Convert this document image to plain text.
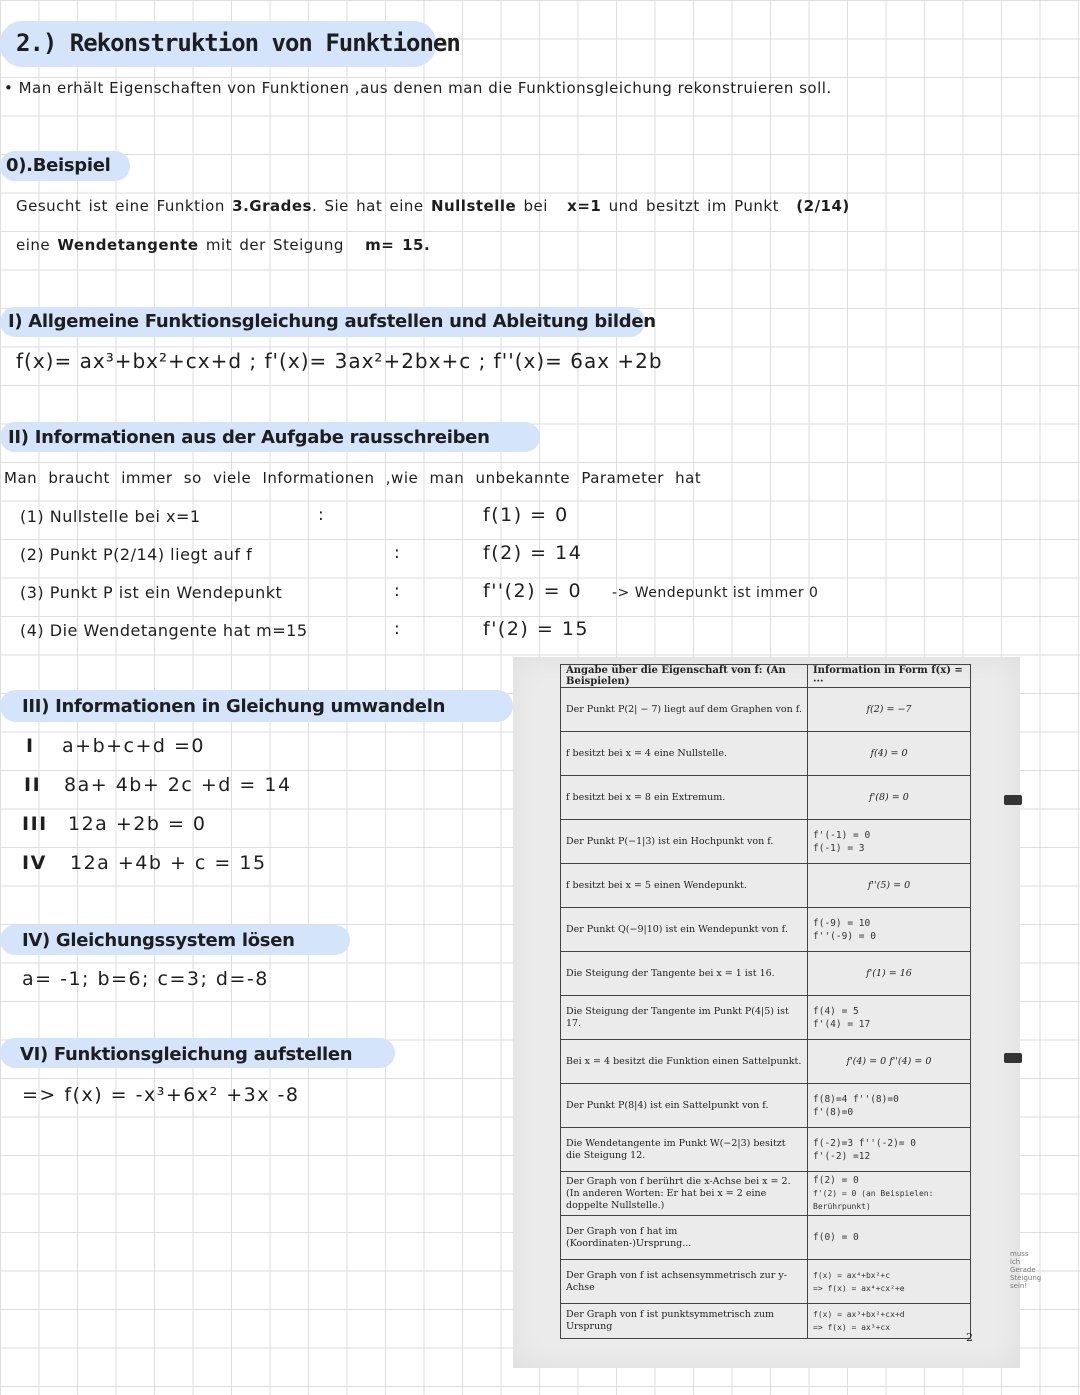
2.) Rekonstruktion von Funktionen
• Man erhält Eigenschaften von Funktionen ,aus denen man die Funktionsgleichung rekonstruieren soll.
0).Beispiel
Gesucht ist eine Funktion 3.Grades. Sie hat eine Nullstelle bei x=1 und besitzt im Punkt (2/14)
eine Wendetangente mit der Steigung m= 15.
I) Allgemeine Funktionsgleichung aufstellen und Ableitung bilden
f(x)= ax³+bx²+cx+d ; f'(x)= 3ax²+2bx+c ; f''(x)= 6ax +2b
II) Informationen aus der Aufgabe rausschreiben
Man braucht immer so viele Informationen ,wie man unbekannte Parameter hat
(1) Nullstelle bei x=1	:	f(1) = 0
(2) Punkt P(2/14) liegt auf f	:	f(2) = 14
(3) Punkt P ist ein Wendepunkt	:	f''(2) = 0 -> Wendepunkt ist immer 0
(4) Die Wendetangente hat m=15	:	f'(2) = 15
III) Informationen in Gleichung umwandeln
I a+b+c+d =0
II 8a+ 4b+ 2c +d = 14
III 12a +2b = 0
IV 12a +4b + c = 15
IV) Gleichungssystem lösen
a= -1; b=6; c=3; d=-8
VI) Funktionsgleichung aufstellen
=> f(x) = -x³+6x² +3x -8
Angabe über die Eigenschaft von f: (An Beispielen)	Information in Form f(x) = ···
Der Punkt P(2| − 7) liegt auf dem Graphen von f.	f(2) = −7

f besitzt bei x = 4 eine Nullstelle.	f(4) = 0

f besitzt bei x = 8 ein Extremum.	f'(8) = 0

Der Punkt P(−1|3) ist ein Hochpunkt von f.	f'(-1) = 0
f(-1) = 3

f besitzt bei x = 5 einen Wendepunkt.	f''(5) = 0

Der Punkt Q(−9|10) ist ein Wendepunkt von f.	f(-9) = 10
f''(-9) = 0

Die Steigung der Tangente bei x = 1 ist 16.	f'(1) = 16

Die Steigung der Tangente im Punkt P(4|5) ist 17.	f(4) = 5
f'(4) = 17

Bei x = 4 besitzt die Funktion einen Sattelpunkt.	f'(4) = 0 f''(4) = 0

Der Punkt P(8|4) ist ein Sattelpunkt von f.	f(8)=4 f''(8)=0
f'(8)=0

Die Wendetangente im Punkt W(−2|3) besitzt die Steigung 12.	f(-2)=3 f''(-2)= 0
f'(-2) =12

Der Graph von f berührt die x-Achse bei x = 2. (In anderen Worten: Er hat bei x = 2 eine doppelte Nullstelle.)	f(2) = 0
f'(2) = 0 (an Beispielen: Berührpunkt)

Der Graph von f hat im (Koordinaten-)Ursprung...	f(0) = 0

Der Graph von f ist achsensymmetrisch zur y-Achse	f(x) = ax⁴+bx²+c
=> f(x) = ax⁴+cx²+e

Der Graph von f ist punktsymmetrisch zum Ursprung	f(x) = ax³+bx²+cx+d
=> f(x) = ax³+cx
muss ich Gerade Steigung sein!
2
